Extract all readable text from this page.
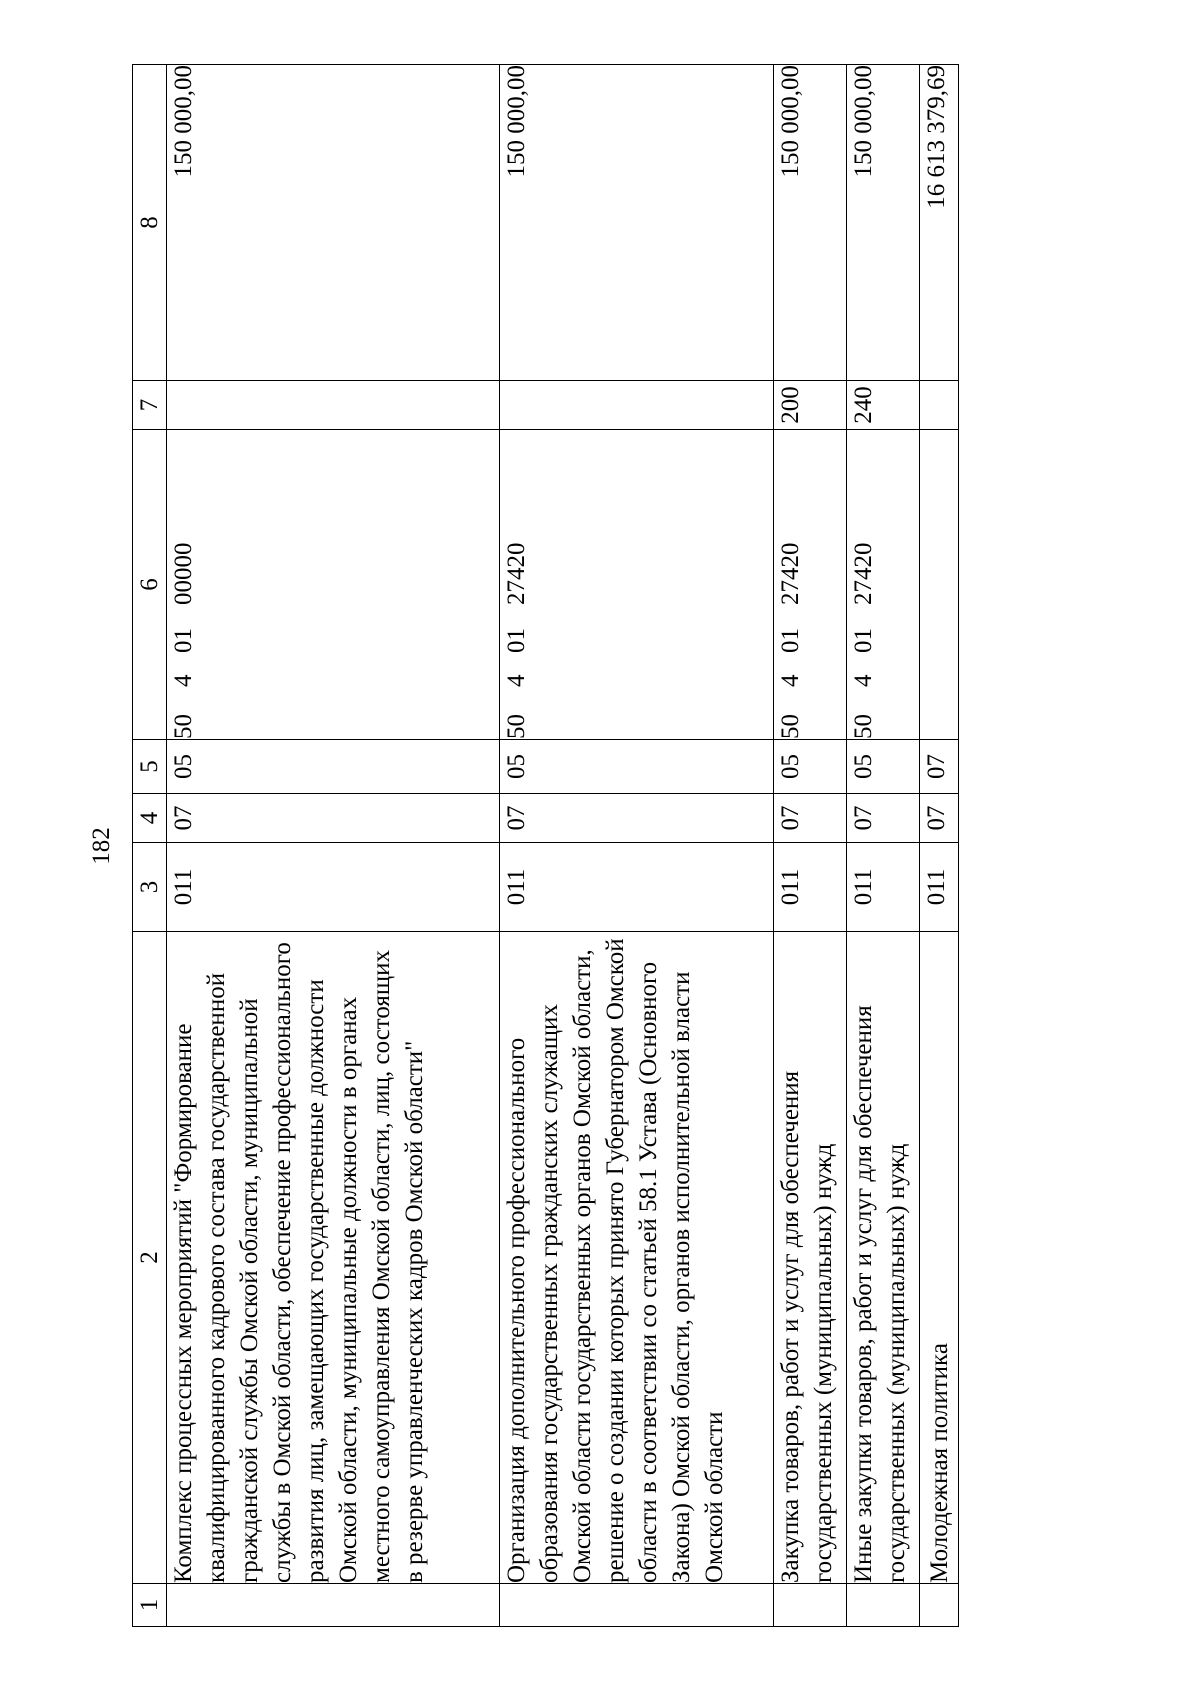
182
1	2	3	4	5	6	7	8
	Комплекс процессных мероприятий "Формирование квалифицированного кадрового состава государственной гражданской службы Омской области, муниципальной службы в Омской области, обеспечение профессионального развития лиц, замещающих государственные должности Омской области, муниципальные должности в органах местного самоуправления Омской области, лиц, состоящих в резерве управленческих кадров Омской области"	011	07	05	5040100000		150 000,00
	Организация дополнительного профессионального образования государственных гражданских служащих Омской области государственных органов Омской области, решение о создании которых принято Губернатором Омской области в соответствии со статьей 58.1 Устава (Основного Закона) Омской области, органов исполнительной власти Омской области	011	07	05	5040127420		150 000,00
	Закупка товаров, работ и услуг для обеспечения государственных (муниципальных) нужд	011	07	05	5040127420	200	150 000,00
	Иные закупки товаров, работ и услуг для обеспечения государственных (муниципальных) нужд	011	07	05	5040127420	240	150 000,00
	Молодежная политика	011	07	07			16 613 379,69
